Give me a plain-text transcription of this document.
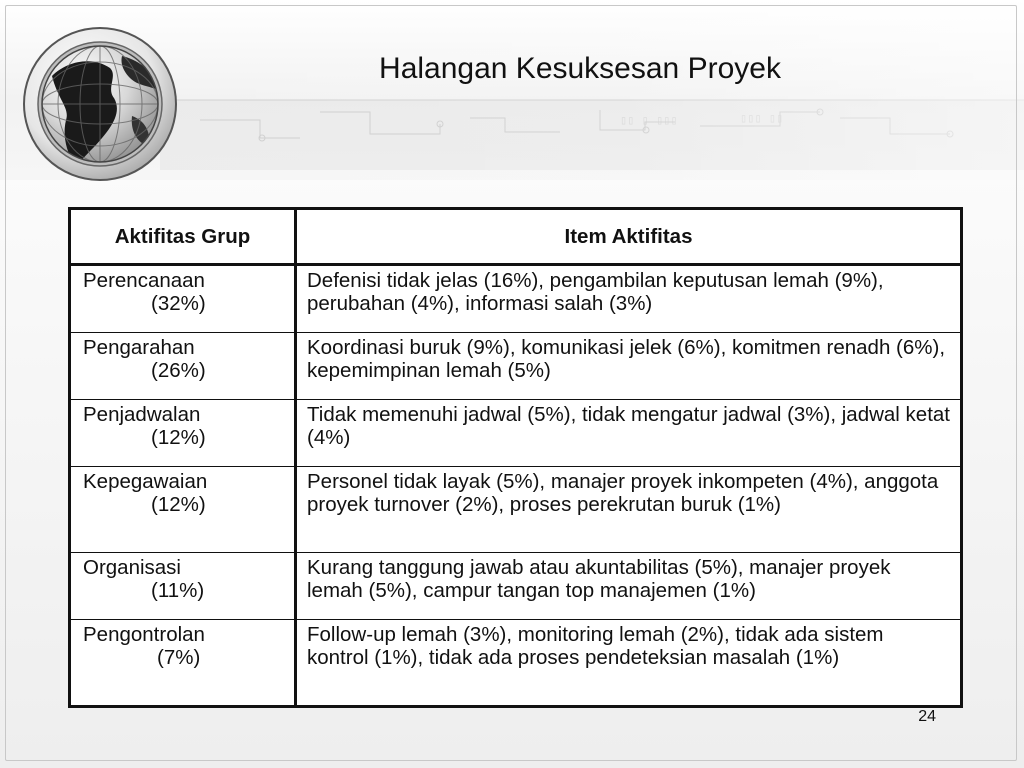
Halangan Kesuksesan Proyek
Aktifitas Grup	Item Aktifitas

Perencanaan
(32%)	Defenisi tidak jelas (16%), pengambilan keputusan lemah (9%), perubahan (4%), informasi salah (3%)

Pengarahan
(26%)	Koordinasi buruk (9%), komunikasi jelek (6%), komitmen renadh (6%), kepemimpinan lemah (5%)

Penjadwalan
(12%)	Tidak memenuhi jadwal (5%), tidak mengatur jadwal (3%), jadwal ketat (4%)

Kepegawaian
(12%)	Personel tidak layak (5%), manajer proyek inkompeten (4%), anggota proyek turnover (2%), proses perekrutan buruk (1%)

Organisasi
(11%)	Kurang tanggung jawab atau akuntabilitas (5%), manajer proyek lemah (5%), campur tangan top manajemen (1%)

Pengontrolan
(7%)	Follow-up lemah (3%), monitoring lemah (2%), tidak ada sistem kontrol (1%), tidak ada proses pendeteksian masalah (1%)
24
